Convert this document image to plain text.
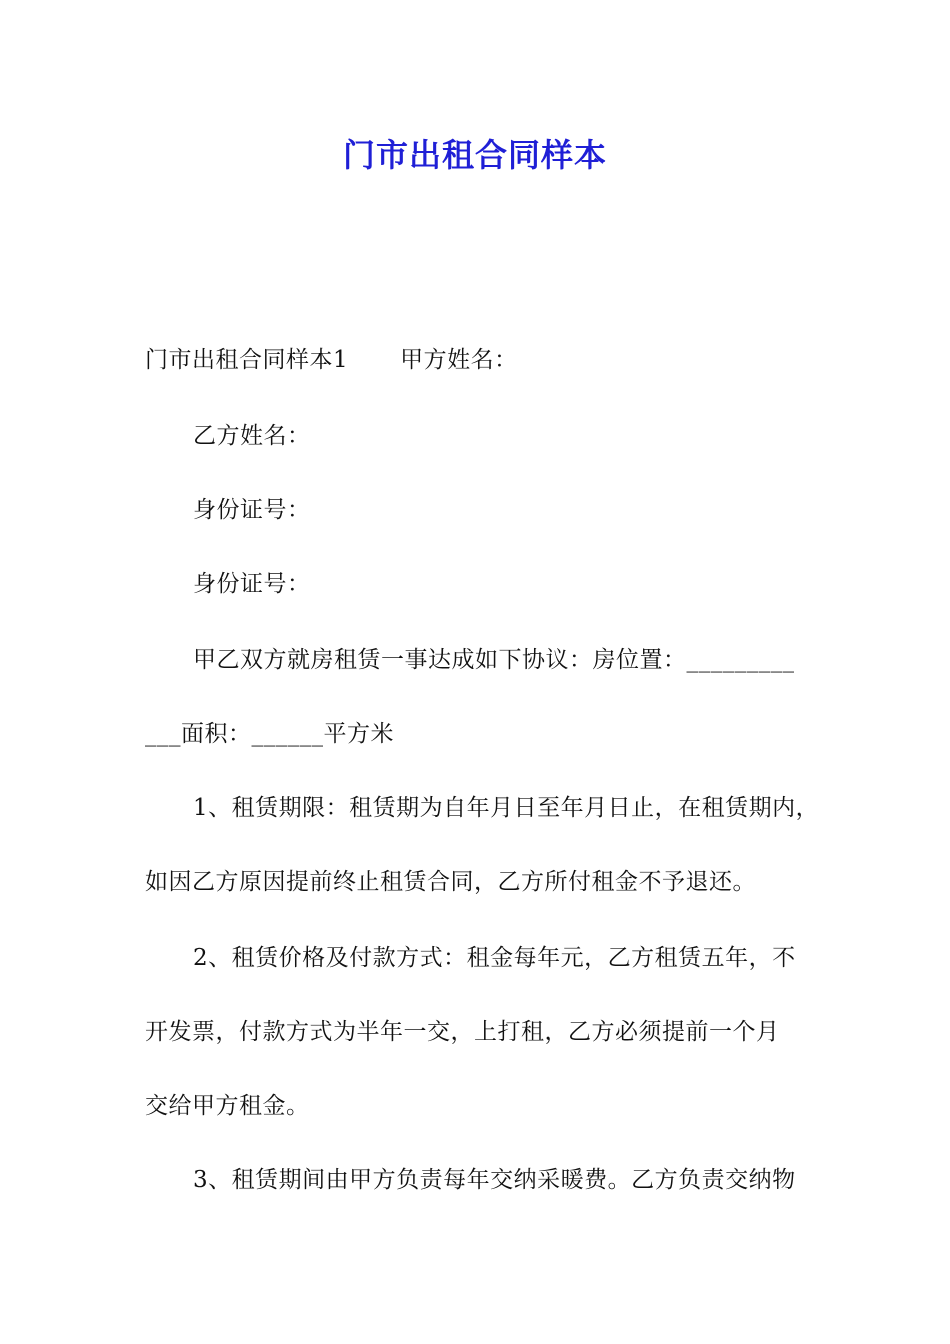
门市出租合同样本
门市出租合同样本1 甲方姓名：
乙方姓名：
身份证号：
身份证号：
甲乙双方就房租赁一事达成如下协议：房位置：_________
___面积：______平方米
1、租赁期限：租赁期为自年月日至年月日止，在租赁期内，
如因乙方原因提前终止租赁合同，乙方所付租金不予退还。
2、租赁价格及付款方式：租金每年元，乙方租赁五年，不
开发票，付款方式为半年一交，上打租，乙方必须提前一个月
交给甲方租金。
3、租赁期间由甲方负责每年交纳采暖费。乙方负责交纳物
